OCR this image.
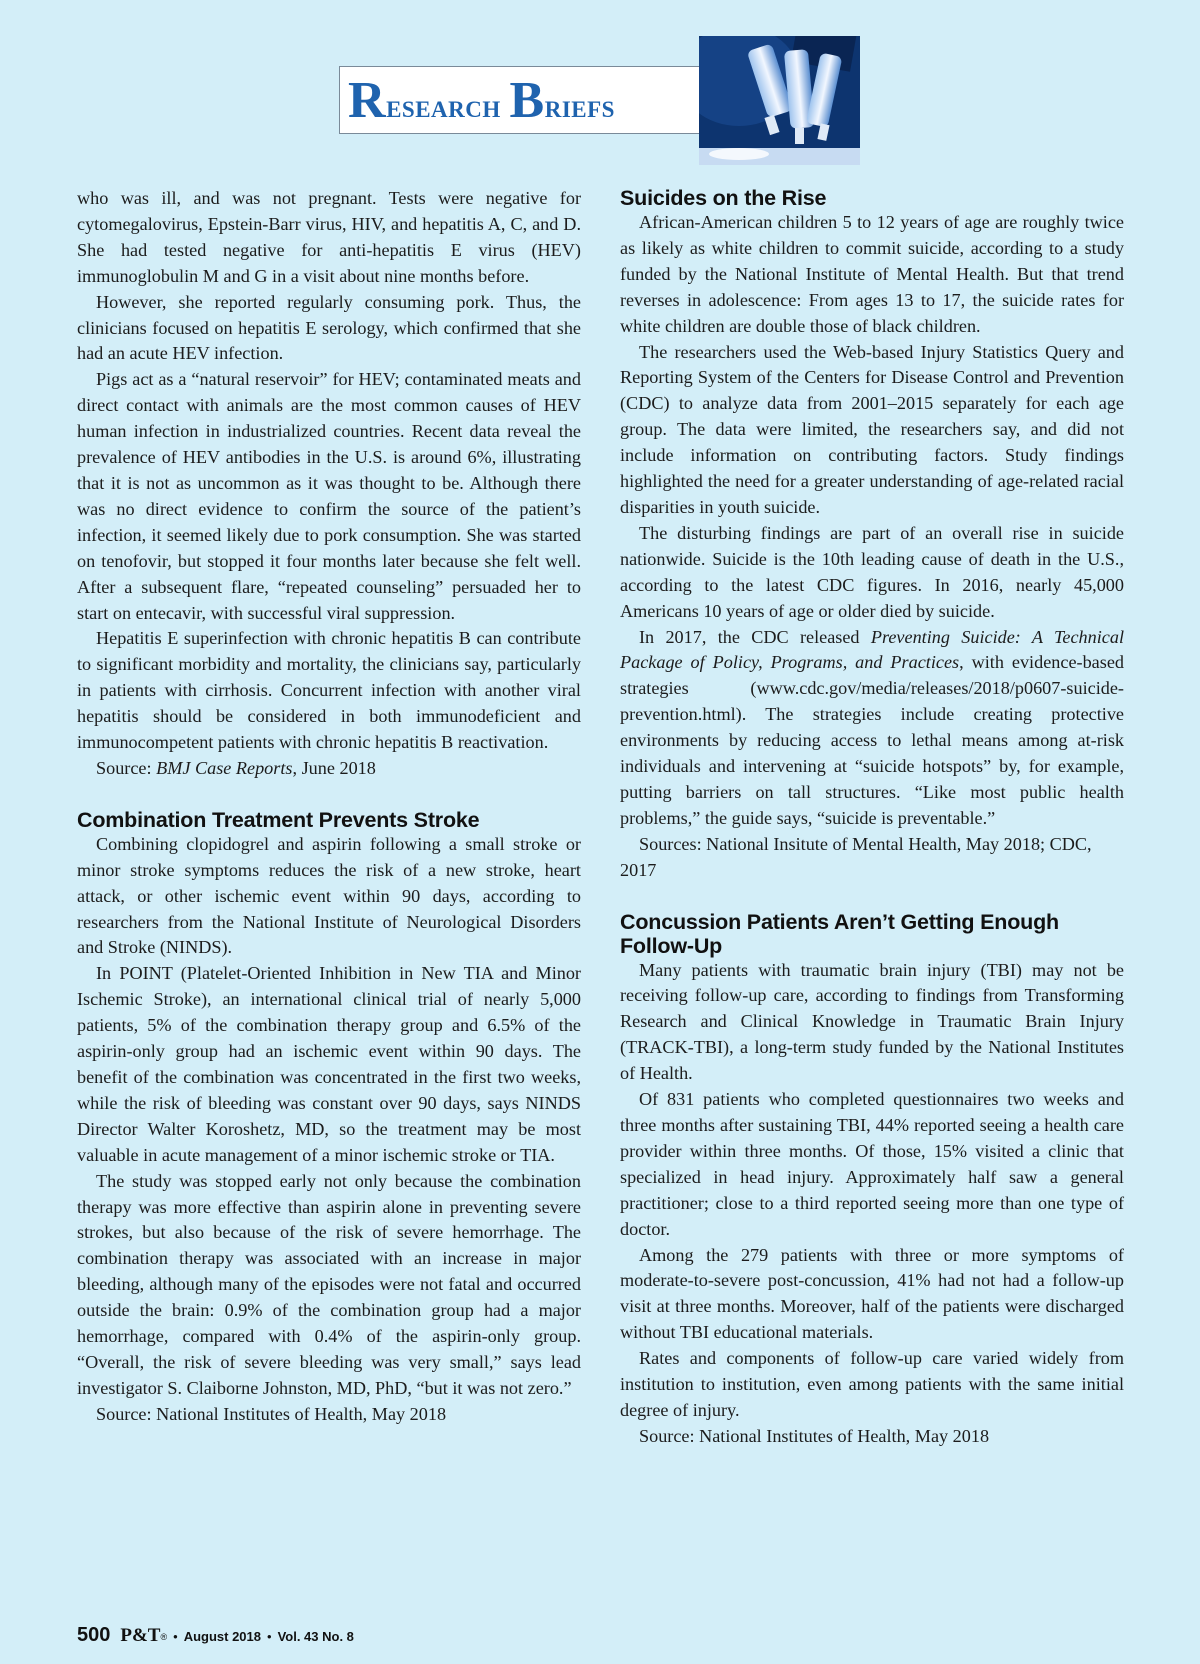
Research Briefs

who was ill, and was not pregnant. Tests were negative for cytomegalovirus, Epstein-Barr virus, HIV, and hepatitis A, C, and D. She had tested negative for anti-hepatitis E virus (HEV) immunoglobulin M and G in a visit about nine months before.

However, she reported regularly consuming pork. Thus, the clinicians focused on hepatitis E serology, which confirmed that she had an acute HEV infection.

Pigs act as a “natural reservoir” for HEV; contaminated meats and direct contact with animals are the most common causes of HEV human infection in industrialized countries. Recent data reveal the prevalence of HEV antibodies in the U.S. is around 6%, illustrating that it is not as uncommon as it was thought to be. Although there was no direct evidence to confirm the source of the patient’s infection, it seemed likely due to pork consumption. She was started on tenofovir, but stopped it four months later because she felt well. After a subsequent flare, “repeated counseling” persuaded her to start on entecavir, with successful viral suppression.

Hepatitis E superinfection with chronic hepatitis B can contribute to significant morbidity and mortality, the clinicians say, particularly in patients with cirrhosis. Concurrent infection with another viral hepatitis should be considered in both immunodeficient and immunocompetent patients with chronic hepatitis B reactivation.

Source: BMJ Case Reports, June 2018

Combination Treatment Prevents Stroke

Combining clopidogrel and aspirin following a small stroke or minor stroke symptoms reduces the risk of a new stroke, heart attack, or other ischemic event within 90 days, according to researchers from the National Institute of Neurological Disorders and Stroke (NINDS).

In POINT (Platelet-Oriented Inhibition in New TIA and Minor Ischemic Stroke), an international clinical trial of nearly 5,000 patients, 5% of the combination therapy group and 6.5% of the aspirin-only group had an ischemic event within 90 days. The benefit of the combination was concentrated in the first two weeks, while the risk of bleeding was constant over 90 days, says NINDS Director Walter Koroshetz, MD, so the treatment may be most valuable in acute management of a minor ischemic stroke or TIA.

The study was stopped early not only because the combination therapy was more effective than aspirin alone in preventing severe strokes, but also because of the risk of severe hemorrhage. The combination therapy was associated with an increase in major bleeding, although many of the episodes were not fatal and occurred outside the brain: 0.9% of the combination group had a major hemorrhage, compared with 0.4% of the aspirin-only group. “Overall, the risk of severe bleeding was very small,” says lead investigator S. Claiborne Johnston, MD, PhD, “but it was not zero.”

Source: National Institutes of Health, May 2018

Suicides on the Rise

African-American children 5 to 12 years of age are roughly twice as likely as white children to commit suicide, according to a study funded by the National Institute of Mental Health. But that trend reverses in adolescence: From ages 13 to 17, the suicide rates for white children are double those of black children.

The researchers used the Web-based Injury Statistics Query and Reporting System of the Centers for Disease Control and Prevention (CDC) to analyze data from 2001–2015 separately for each age group. The data were limited, the researchers say, and did not include information on contributing factors. Study findings highlighted the need for a greater understanding of age-related racial disparities in youth suicide.

The disturbing findings are part of an overall rise in suicide nationwide. Suicide is the 10th leading cause of death in the U.S., according to the latest CDC figures. In 2016, nearly 45,000 Americans 10 years of age or older died by suicide.

In 2017, the CDC released Preventing Suicide: A Technical Package of Policy, Programs, and Practices, with evidence-based strategies (www.cdc.gov/media/releases/2018/p0607-suicide-prevention.html). The strategies include creating protective environments by reducing access to lethal means among at-risk individuals and intervening at “suicide hotspots” by, for example, putting barriers on tall structures. “Like most public health problems,” the guide says, “suicide is preventable.”

Sources: National Insitute of Mental Health, May 2018; CDC, 2017

Concussion Patients Aren’t Getting Enough Follow-Up

Many patients with traumatic brain injury (TBI) may not be receiving follow-up care, according to findings from Transforming Research and Clinical Knowledge in Traumatic Brain Injury (TRACK-TBI), a long-term study funded by the National Institutes of Health.

Of 831 patients who completed questionnaires two weeks and three months after sustaining TBI, 44% reported seeing a health care provider within three months. Of those, 15% visited a clinic that specialized in head injury. Approximately half saw a general practitioner; close to a third reported seeing more than one type of doctor.

Among the 279 patients with three or more symptoms of moderate-to-severe post-concussion, 41% had not had a follow-up visit at three months. Moreover, half of the patients were discharged without TBI educational materials.

Rates and components of follow-up care varied widely from institution to institution, even among patients with the same initial degree of injury.

Source: National Institutes of Health, May 2018

500 P&T® • August 2018 • Vol. 43 No. 8
